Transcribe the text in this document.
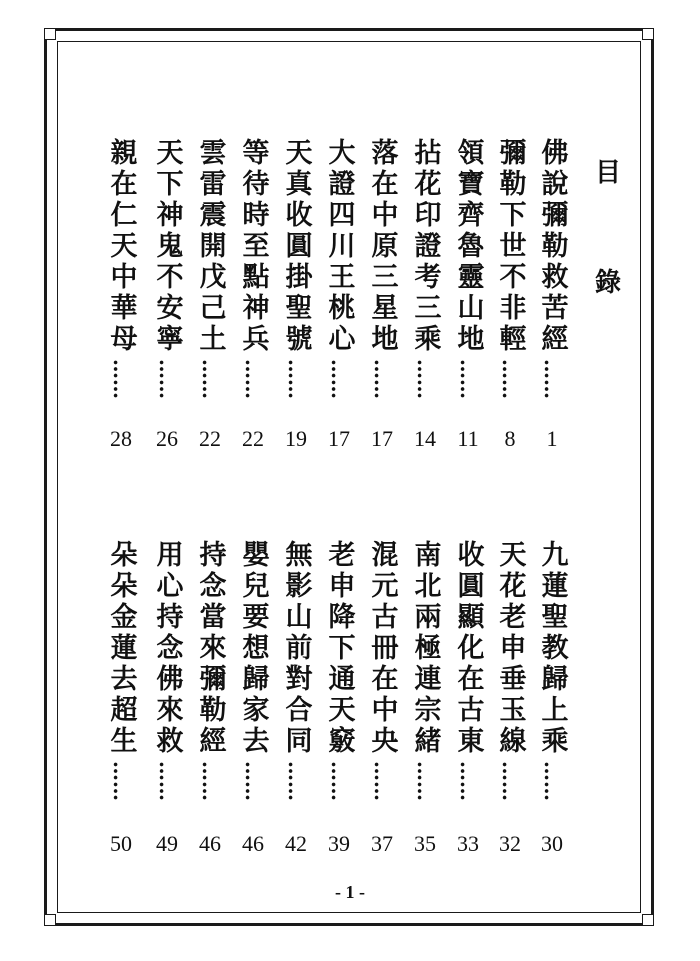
目
錄
佛說彌勒救苦經
……
1
彌勒下世不非輕
……
8
領寶齊魯靈山地
……
11
拈花印證考三乘
……
14
落在中原三星地
……
17
大證四川王桃心
……
17
天真收圓掛聖號
……
19
等待時至點神兵
……
22
雲雷震開戊己土
……
22
天下神鬼不安寧
……
26
親在仁天中華母
……
28
九蓮聖教歸上乘
……
30
天花老申垂玉線
……
32
收圓顯化在古東
……
33
南北兩極連宗緒
……
35
混元古冊在中央
……
37
老申降下通天竅
……
39
無影山前對合同
……
42
嬰兒要想歸家去
……
46
持念當來彌勒經
……
46
用心持念佛來救
……
49
朵朵金蓮去超生
……
50
- 1 -
